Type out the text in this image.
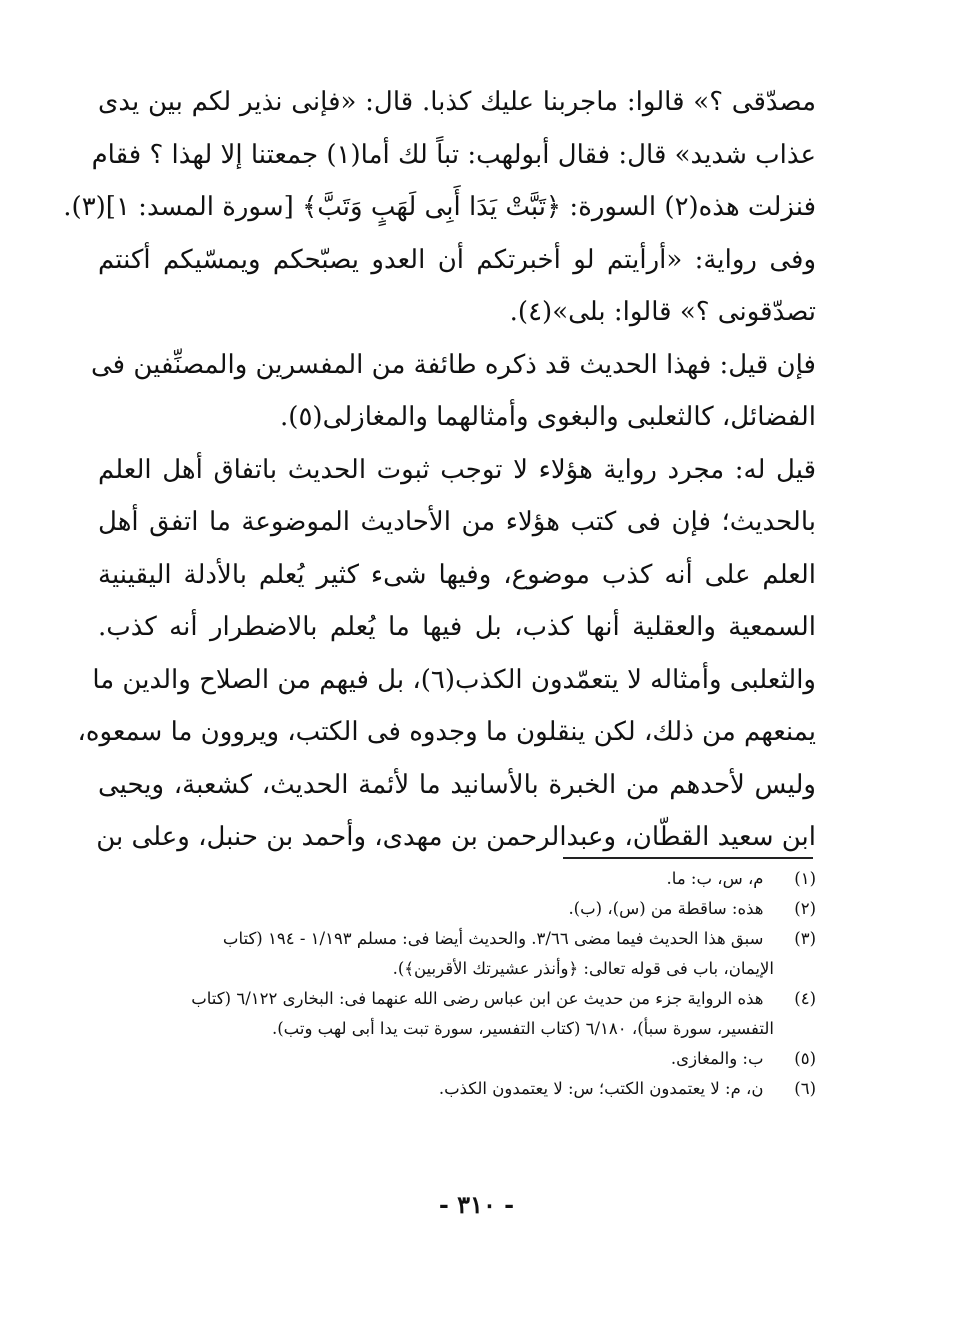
مصدّقى ؟» قالوا: ماجربنا عليك كذبا. قال: «فإنى نذير لكم بين يدى
عذاب شديد» قال: فقال أبولهب: تباً لك أما(١) جمعتنا إلا لهذا ؟ فقام
فنزلت هذه(٢) السورة: ﴿تَبَّتْ يَدَا أَبِى لَهَبٍ وَتَبَّ﴾ [سورة المسد: ١](٣).
وفى رواية: «أرأيتم لو أخبرتكم أن العدو يصبّحكم ويمسّيكم أكنتم
تصدّقونى ؟» قالوا: بلى»(٤).
فإن قيل: فهذا الحديث قد ذكره طائفة من المفسرين والمصنِّفين فى
الفضائل، كالثعلبى والبغوى وأمثالهما والمغازلى(٥).
قيل له: مجرد رواية هؤلاء لا توجب ثبوت الحديث باتفاق أهل العلم
بالحديث؛ فإن فى كتب هؤلاء من الأحاديث الموضوعة ما اتفق أهل
العلم على أنه كذب موضوع، وفيها شىء كثير يُعلم بالأدلة اليقينية
السمعية والعقلية أنها كذب، بل فيها ما يُعلم بالاضطرار أنه كذب.
والثعلبى وأمثاله لا يتعمّدون الكذب(٦)، بل فيهم من الصلاح والدين ما
يمنعهم من ذلك، لكن ينقلون ما وجدوه فى الكتب، ويروون ما سمعوه،
وليس لأحدهم من الخبرة بالأسانيد ما لأئمة الحديث، كشعبة، ويحيى
ابن سعيد القطّان، وعبدالرحمن بن مهدى، وأحمد بن حنبل، وعلى بن
(١)  م، س، ب: ما.
(٢)  هذه: ساقطة من (س)، (ب).
(٣)  سبق هذا الحديث فيما مضى ٣/٦٦. والحديث أيضا فى: مسلم ١/١٩٣ - ١٩٤ (كتاب
الإيمان، باب فى قوله تعالى: ﴿وأنذر عشيرتك الأقربين﴾).
(٤)  هذه الرواية جزء من حديث عن ابن عباس رضى الله عنهما فى: البخارى ٦/١٢٢ (كتاب
التفسير، سورة سبأ)، ٦/١٨٠ (كتاب التفسير، سورة تبت يدا أبى لهب وتب).
(٥)  ب: والمغازى.
(٦)  ن، م: لا يعتمدون الكتب؛ س: لا يعتمدون الكذب.
- ٣١٠ -
